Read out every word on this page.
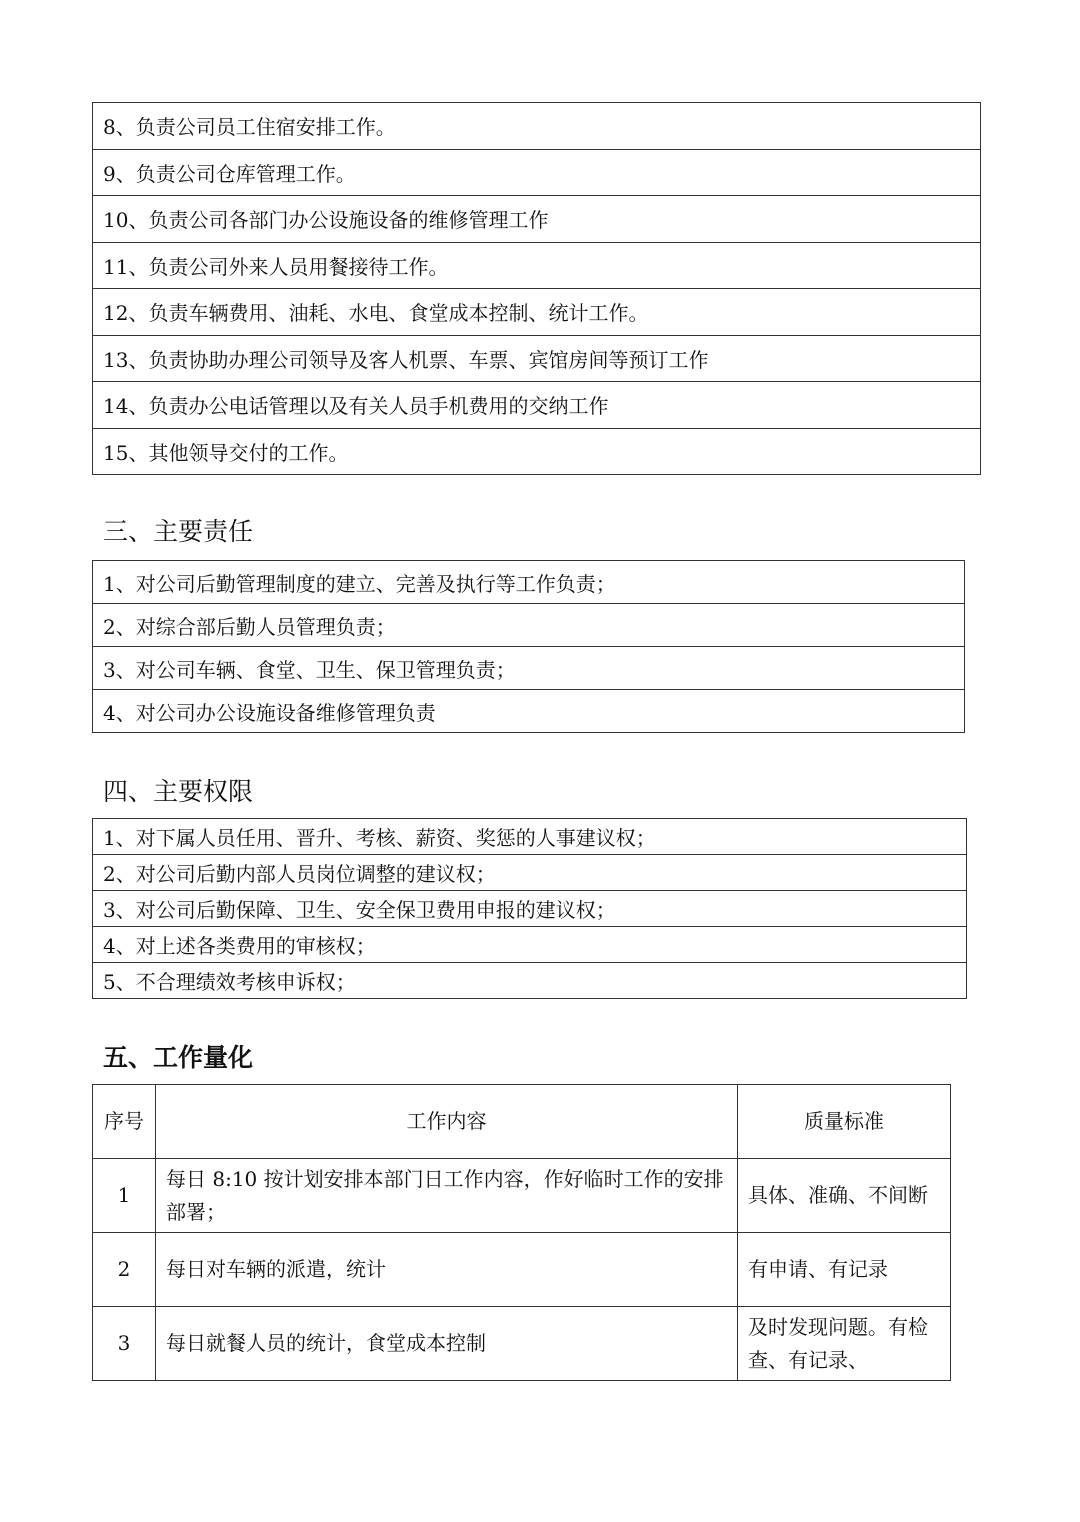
8、负责公司员工住宿安排工作。
9、负责公司仓库管理工作。
10、负责公司各部门办公设施设备的维修管理工作
11、负责公司外来人员用餐接待工作。
12、负责车辆费用、油耗、水电、食堂成本控制、统计工作。
13、负责协助办理公司领导及客人机票、车票、宾馆房间等预订工作
14、负责办公电话管理以及有关人员手机费用的交纳工作
15、其他领导交付的工作。
三、主要责任
1、对公司后勤管理制度的建立、完善及执行等工作负责；
2、对综合部后勤人员管理负责；
3、对公司车辆、食堂、卫生、保卫管理负责；
4、对公司办公设施设备维修管理负责
四、主要权限
1、对下属人员任用、晋升、考核、薪资、奖惩的人事建议权；
2、对公司后勤内部人员岗位调整的建议权；
3、对公司后勤保障、卫生、安全保卫费用申报的建议权；
4、对上述各类费用的审核权；
5、不合理绩效考核申诉权；
五、工作量化
序号	工作内容	质量标准
1	每日 8:10 按计划安排本部门日工作内容，作好临时工作的安排部署；	具体、准确、不间断
2	每日对车辆的派遣，统计	有申请、有记录
3	每日就餐人员的统计，食堂成本控制	及时发现问题。有检查、有记录、
